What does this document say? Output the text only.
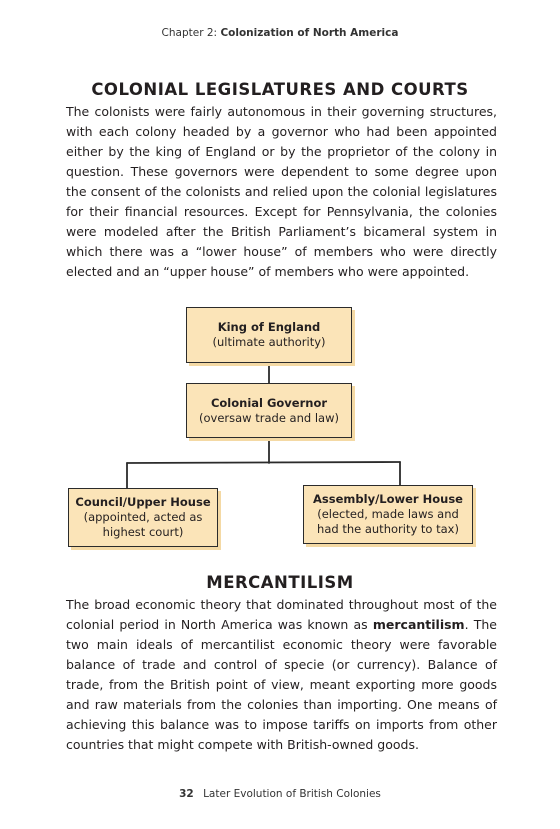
Chapter 2: Colonization of North America
COLONIAL LEGISLATURES AND COURTS

The colonists were fairly autonomous in their governing structures, with each colony headed by a governor who had been appointed either by the king of England or by the proprietor of the colony in question. These governors were dependent to some degree upon the consent of the colonists and relied upon the colonial legislatures for their financial resources. Except for Pennsylvania, the colonies were modeled after the British Parliament’s bicameral system in which there was a “lower house” of members who were directly elected and an “upper house” of members who were appointed.

King of England
(ultimate authority)
Colonial Governor
(oversaw trade and law)
Council/Upper House
(appointed, acted as highest court)
Assembly/Lower House
(elected, made laws and had the authority to tax)
MERCANTILISM

The broad economic theory that dominated throughout most of the colonial period in North America was known as mercantilism. The two main ideals of mercantilist economic theory were favorable balance of trade and control of specie (or currency). Balance of trade, from the British point of view, meant exporting more goods and raw materials from the colonies than importing. One means of achieving this balance was to impose tariffs on imports from other countries that might compete with British-owned goods.

32 Later Evolution of British Colonies
